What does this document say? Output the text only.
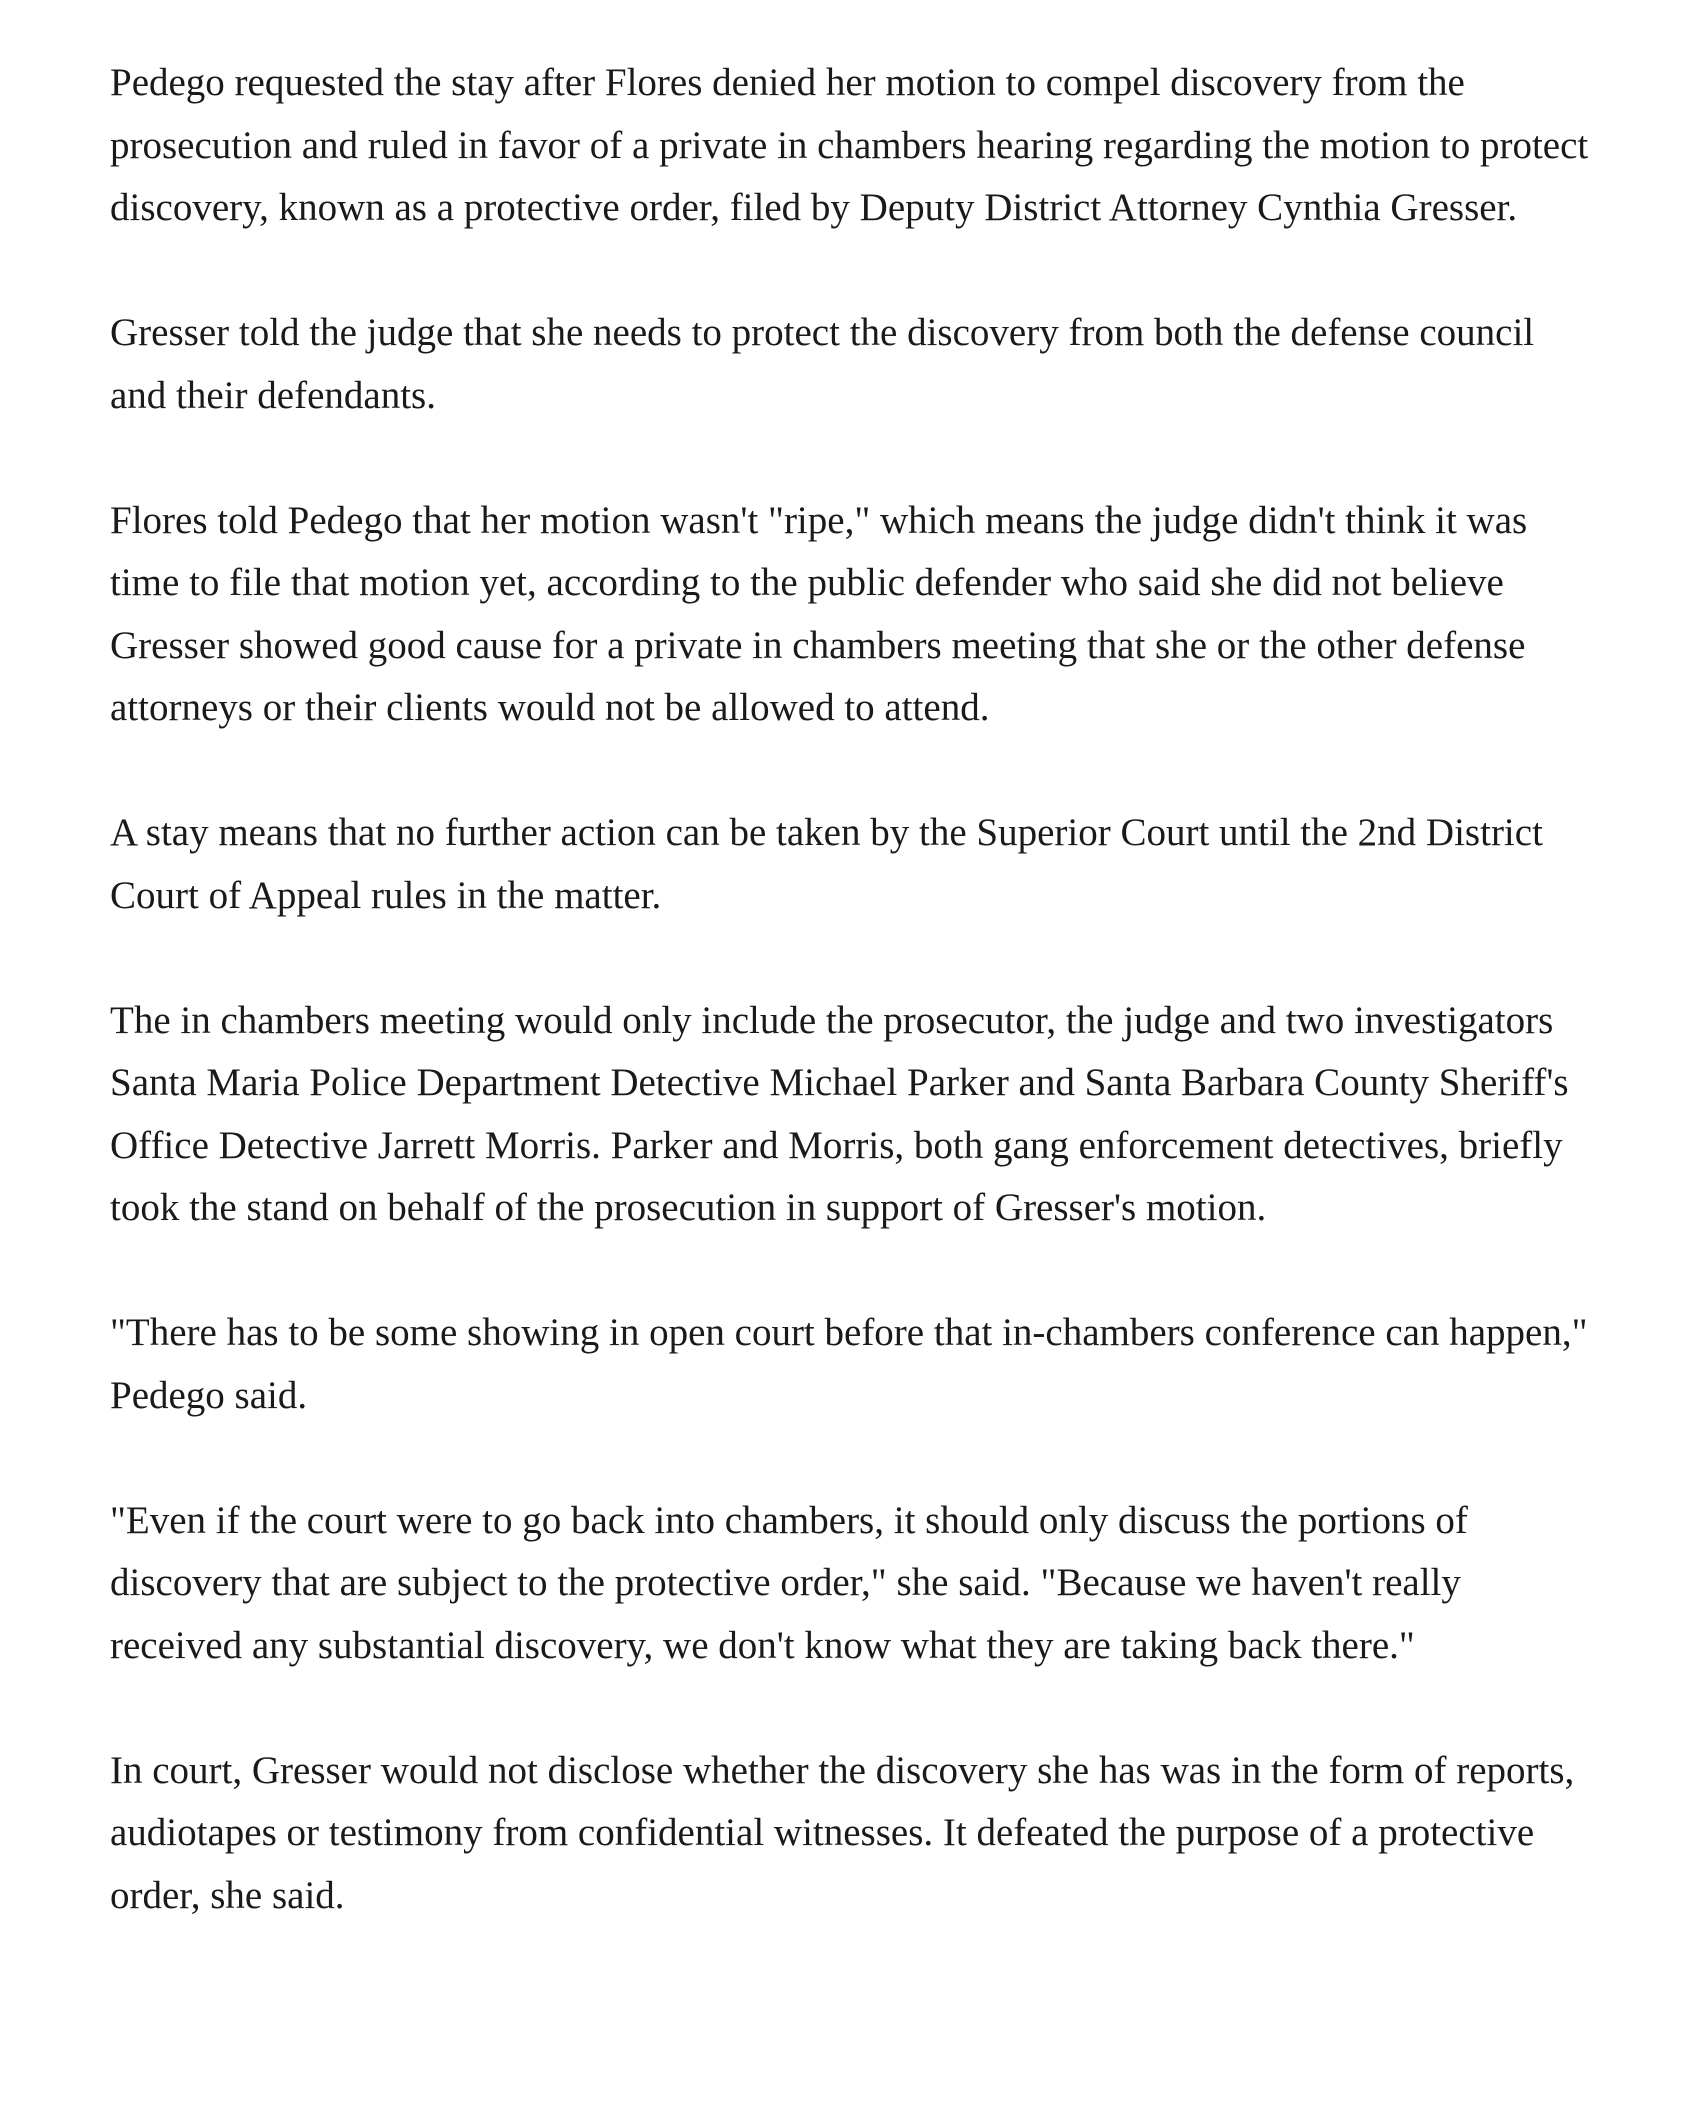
Pedego requested the stay after Flores denied her motion to compel discovery from the prosecution and ruled in favor of a private in chambers hearing regarding the motion to protect discovery, known as a protective order, filed by Deputy District Attorney Cynthia Gresser.

Gresser told the judge that she needs to protect the discovery from both the defense council and their defendants.

Flores told Pedego that her motion wasn't "ripe," which means the judge didn't think it was time to file that motion yet, according to the public defender who said she did not believe Gresser showed good cause for a private in chambers meeting that she or the other defense attorneys or their clients would not be allowed to attend.

A stay means that no further action can be taken by the Superior Court until the 2nd District Court of Appeal rules in the matter.

The in chambers meeting would only include the prosecutor, the judge and two investigators Santa Maria Police Department Detective Michael Parker and Santa Barbara County Sheriff's Office Detective Jarrett Morris. Parker and Morris, both gang enforcement detectives, briefly took the stand on behalf of the prosecution in support of Gresser's motion.

"There has to be some showing in open court before that in-chambers conference can happen," Pedego said.

"Even if the court were to go back into chambers, it should only discuss the portions of discovery that are subject to the protective order," she said. "Because we haven't really received any substantial discovery, we don't know what they are taking back there."

In court, Gresser would not disclose whether the discovery she has was in the form of reports, audiotapes or testimony from confidential witnesses. It defeated the purpose of a protective order, she said.
